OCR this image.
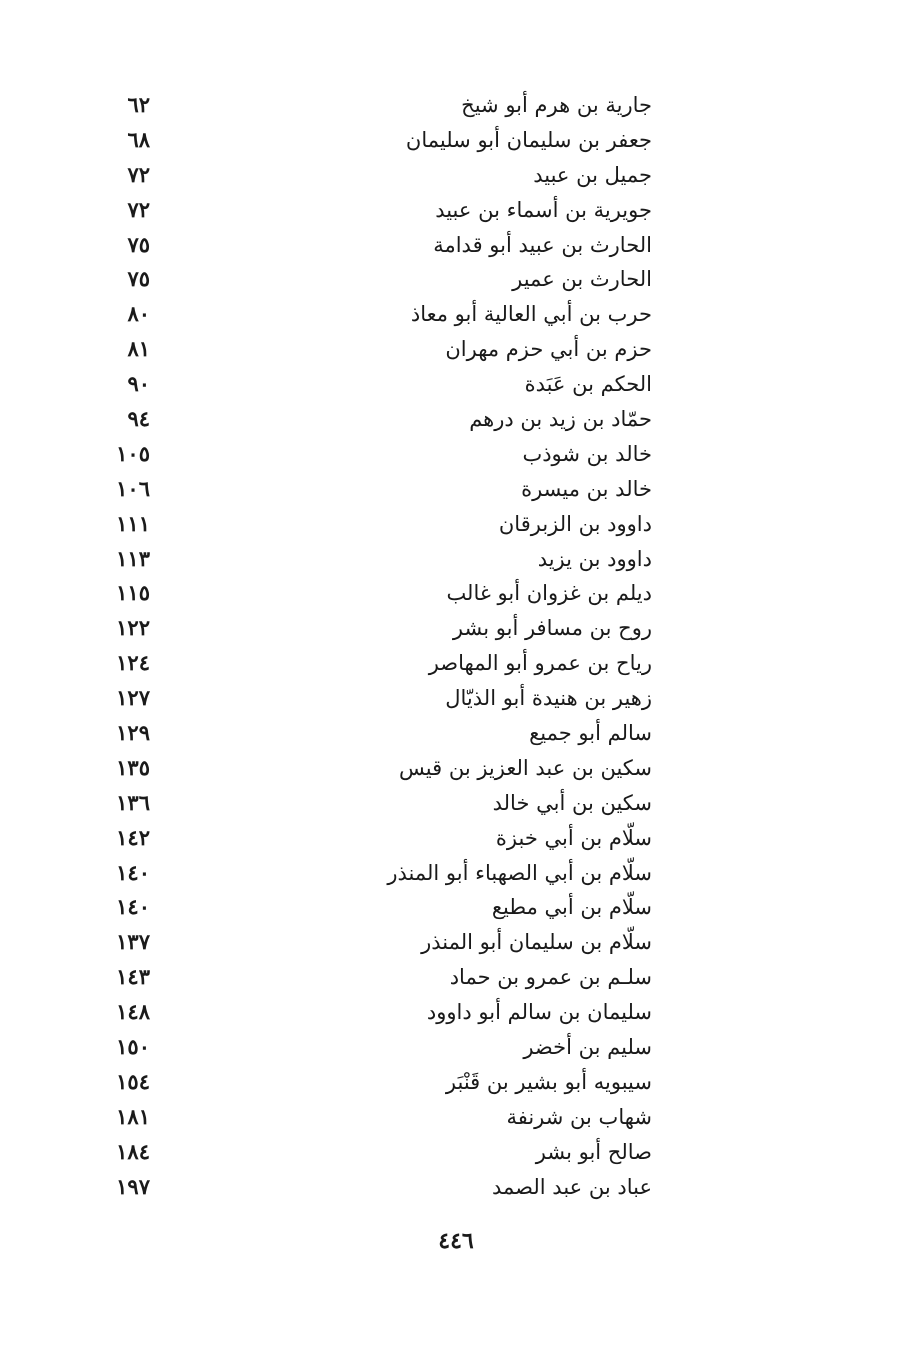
جارية بن هرم أبو شيخ
٦٢
جعفر بن سليمان أبو سليمان
٦٨
جميل بن عبيد
٧٢
جويرية بن أسماء بن عبيد
٧٢
الحارث بن عبيد أبو قدامة
٧٥
الحارث بن عمير
٧٥
حرب بن أبي العالية أبو معاذ
٨٠
حزم بن أبي حزم مهران
٨١
الحكم بن عَبَدة
٩٠
حمّاد بن زيد بن درهم
٩٤
خالد بن شوذب
١٠٥
خالد بن ميسرة
١٠٦
داوود بن الزبرقان
١١١
داوود بن يزيد
١١٣
ديلم بن غزوان أبو غالب
١١٥
روح بن مسافر أبو بشر
١٢٢
رياح بن عمرو أبو المهاصر
١٢٤
زهير بن هنيدة أبو الذيّال
١٢٧
سالم أبو جميع
١٢٩
سكين بن عبد العزيز بن قيس
١٣٥
سكين بن أبي خالد
١٣٦
سلّام بن أبي خبزة
١٤٢
سلّام بن أبي الصهباء أبو المنذر
١٤٠
سلّام بن أبي مطيع
١٤٠
سلّام بن سليمان أبو المنذر
١٣٧
سلـم بن عمرو بن حماد
١٤٣
سليمان بن سالم أبو داوود
١٤٨
سليم بن أخضر
١٥٠
سيبويه أبو بشير بن قَنْبَر
١٥٤
شهاب بن شرنفة
١٨١
صالح أبو بشر
١٨٤
عباد بن عبد الصمد
١٩٧
٤٤٦
